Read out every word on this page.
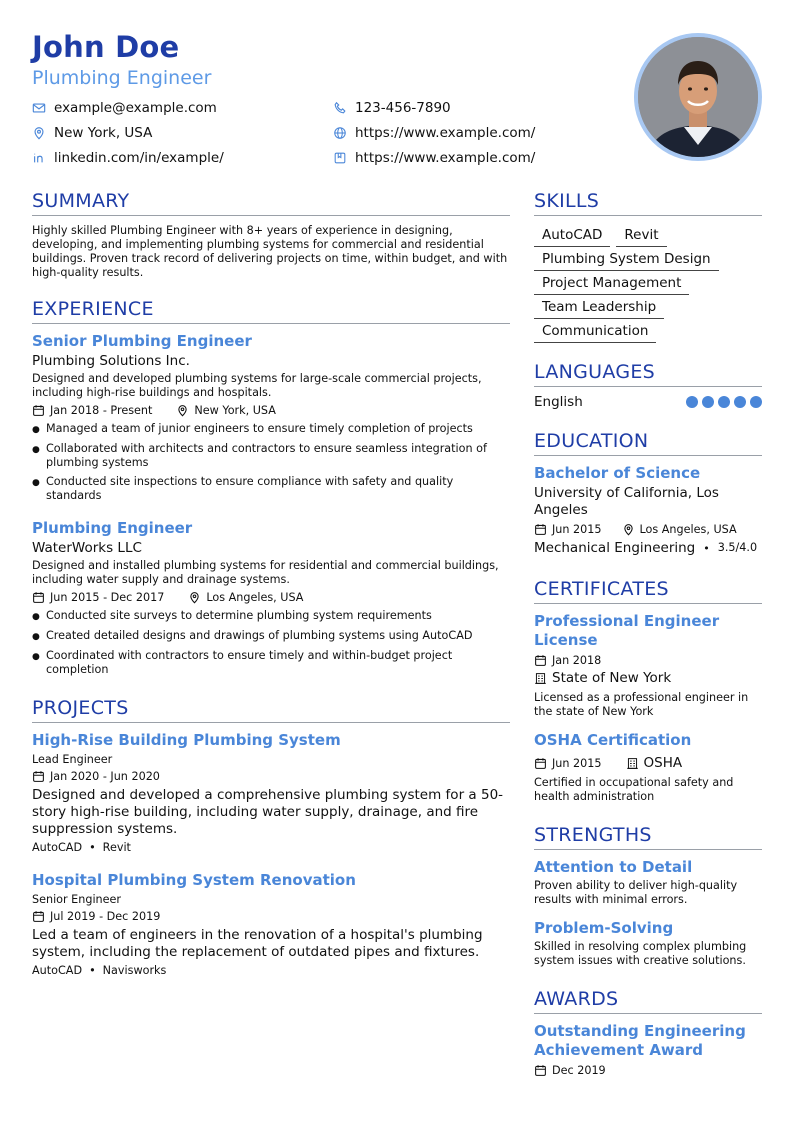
John Doe
Plumbing Engineer
example@example.com	123-456-7890
New York, USA	https://www.example.com/
linkedin.com/in/example/	https://www.example.com/
SUMMARY
Highly skilled Plumbing Engineer with 8+ years of experience in designing, developing, and implementing plumbing systems for commercial and residential buildings. Proven track record of delivering projects on time, within budget, and with high-quality results.
EXPERIENCE
Senior Plumbing Engineer
Plumbing Solutions Inc.
Designed and developed plumbing systems for large-scale commercial projects, including high-rise buildings and hospitals.
Jan 2018 - Present	New York, USA
● Managed a team of junior engineers to ensure timely completion of projects
● Collaborated with architects and contractors to ensure seamless integration of plumbing systems
● Conducted site inspections to ensure compliance with safety and quality standards
Plumbing Engineer
WaterWorks LLC
Designed and installed plumbing systems for residential and commercial buildings, including water supply and drainage systems.
Jun 2015 - Dec 2017	Los Angeles, USA
● Conducted site surveys to determine plumbing system requirements
● Created detailed designs and drawings of plumbing systems using AutoCAD
● Coordinated with contractors to ensure timely and within-budget project completion
PROJECTS
High-Rise Building Plumbing System
Lead Engineer
Jan 2020 - Jun 2020
Designed and developed a comprehensive plumbing system for a 50-story high-rise building, including water supply, drainage, and fire suppression systems.
AutoCAD • Revit
Hospital Plumbing System Renovation
Senior Engineer
Jul 2019 - Dec 2019
Led a team of engineers in the renovation of a hospital's plumbing system, including the replacement of outdated pipes and fixtures.
AutoCAD • Navisworks
SKILLS
AutoCAD Revit
Plumbing System Design
Project Management
Team Leadership
Communication
LANGUAGES
English
EDUCATION
Bachelor of Science
University of California, Los Angeles
Jun 2015	Los Angeles, USA
Mechanical Engineering • 3.5/4.0
CERTIFICATES
Professional Engineer License
Jan 2018
State of New York
Licensed as a professional engineer in the state of New York
OSHA Certification
Jun 2015	OSHA
Certified in occupational safety and health administration
STRENGTHS
Attention to Detail
Proven ability to deliver high-quality results with minimal errors.
Problem-Solving
Skilled in resolving complex plumbing system issues with creative solutions.
AWARDS
Outstanding Engineering Achievement Award
Dec 2019
